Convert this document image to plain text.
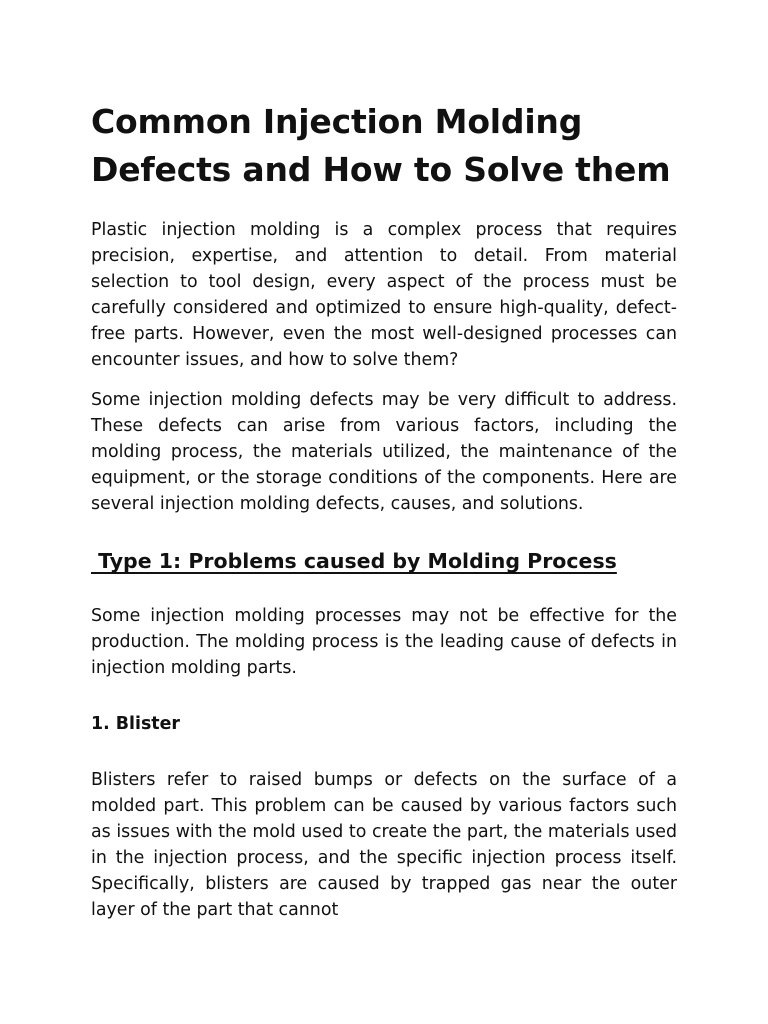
Common Injection Molding Defects and How to Solve them

Plastic injection molding is a complex process that requires precision, expertise, and attention to detail. From material selection to tool design, every aspect of the process must be carefully considered and optimized to ensure high-quality, defect-free parts. However, even the most well-designed processes can encounter issues, and how to solve them?

Some injection molding defects may be very difficult to address. These defects can arise from various factors, including the molding process, the materials utilized, the maintenance of the equipment, or the storage conditions of the components. Here are several injection molding defects, causes, and solutions.

Type 1: Problems caused by Molding Process

Some injection molding processes may not be effective for the production. The molding process is the leading cause of defects in injection molding parts.

1. Blister

Blisters refer to raised bumps or defects on the surface of a molded part. This problem can be caused by various factors such as issues with the mold used to create the part, the materials used in the injection process, and the specific injection process itself. Specifically, blisters are caused by trapped gas near the outer layer of the part that cannot
